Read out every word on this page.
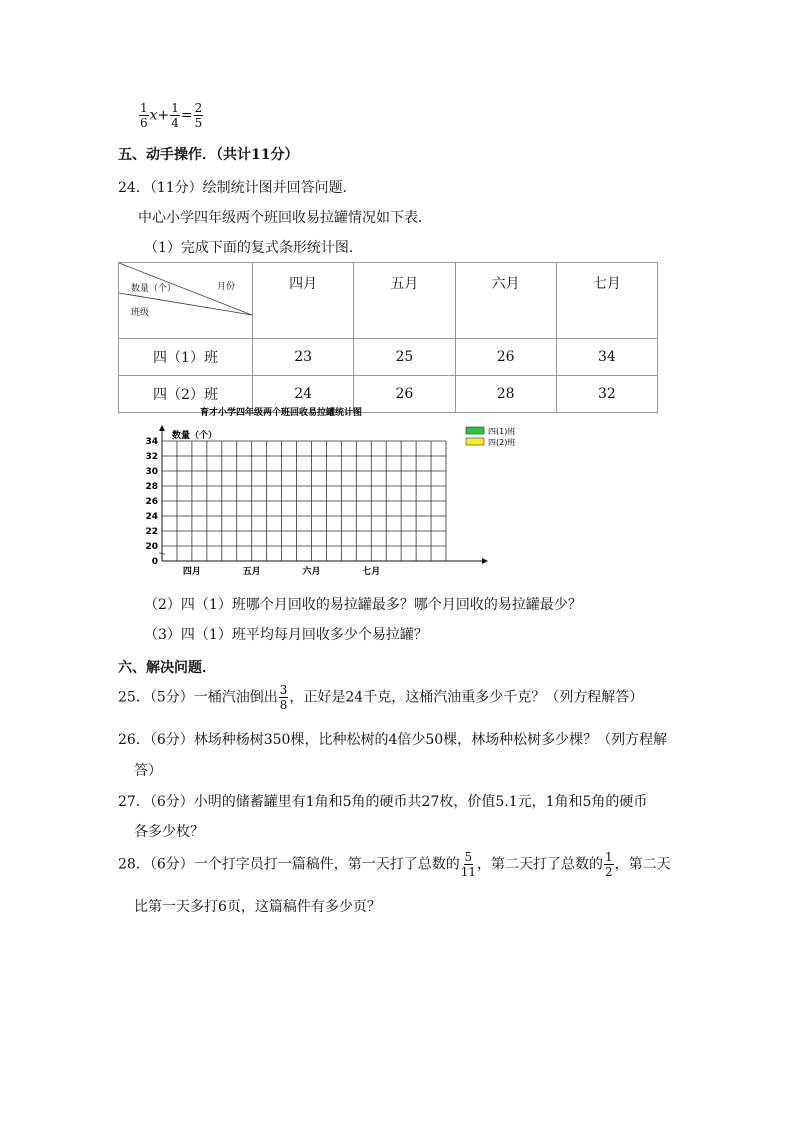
$\frac{1}{6} x+ \frac{1}{4} = \frac{2}{5}$
五、动手操作．（共计11分）
24．（11分）绘制统计图并回答问题．
中心小学四年级两个班回收易拉罐情况如下表．
（1）完成下面的复式条形统计图．
数量（个） 月份
班级	四月	五月	六月	七月
四（1）班	23	25	26	34
四（2）班	24	26	28	32
育才小学四年级两个班回收易拉罐统计图
数量（个）
0
20
22
24
26
28
30
32
34
四月	五月	六月	七月
四(1)班
四(2)班
（2）四（1）班哪个月回收的易拉罐最多？哪个月回收的易拉罐最少？
（3）四（1）班平均每月回收多少个易拉罐？
六、解决问题．
25．（5分）一桶汽油倒出 $\frac{3}{8}$ ，正好是24千克，这桶汽油重多少千克？（列方程解答）
26．（6分）林场种杨树350棵，比种松树的4倍少50棵，林场种松树多少棵？（列方程解
答）
27．（6分）小明的储蓄罐里有1角和5角的硬币共27枚，价值5.1元，1角和5角的硬币
各多少枚？
28．（6分）一个打字员打一篇稿件，第一天打了总数的 $\frac{5}{11}$ ，第二天打了总数的 $\frac{1}{2}$ ，第二天
比第一天多打6页，这篇稿件有多少页？
